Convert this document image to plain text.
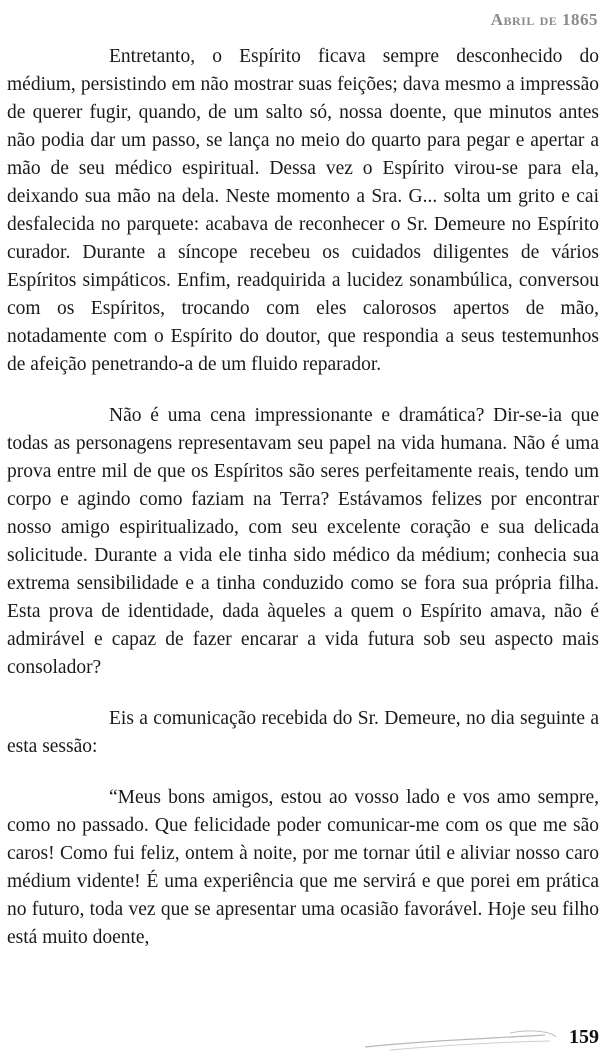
Abril de 1865

Entretanto, o Espírito ficava sempre desconhecido do médium, persistindo em não mostrar suas feições; dava mesmo a impressão de querer fugir, quando, de um salto só, nossa doente, que minutos antes não podia dar um passo, se lança no meio do quarto para pegar e apertar a mão de seu médico espiritual. Dessa vez o Espírito virou-se para ela, deixando sua mão na dela. Neste momento a Sra. G... solta um grito e cai desfalecida no parquete: acabava de reconhecer o Sr. Demeure no Espírito curador. Durante a síncope recebeu os cuidados diligentes de vários Espíritos simpáticos. Enfim, readquirida a lucidez sonambúlica, conversou com os Espíritos, trocando com eles calorosos apertos de mão, notadamente com o Espírito do doutor, que respondia a seus testemunhos de afeição penetrando-a de um fluido reparador.

Não é uma cena impressionante e dramática? Dir-se-ia que todas as personagens representavam seu papel na vida humana. Não é uma prova entre mil de que os Espíritos são seres perfeitamente reais, tendo um corpo e agindo como faziam na Terra? Estávamos felizes por encontrar nosso amigo espiritualizado, com seu excelente coração e sua delicada solicitude. Durante a vida ele tinha sido médico da médium; conhecia sua extrema sensibilidade e a tinha conduzido como se fora sua própria filha. Esta prova de identidade, dada àqueles a quem o Espírito amava, não é admirável e capaz de fazer encarar a vida futura sob seu aspecto mais consolador?

Eis a comunicação recebida do Sr. Demeure, no dia seguinte a esta sessão:

“Meus bons amigos, estou ao vosso lado e vos amo sempre, como no passado. Que felicidade poder comunicar-me com os que me são caros! Como fui feliz, ontem à noite, por me tornar útil e aliviar nosso caro médium vidente! É uma experiência que me servirá e que porei em prática no futuro, toda vez que se apresentar uma ocasião favorável. Hoje seu filho está muito doente,

159
